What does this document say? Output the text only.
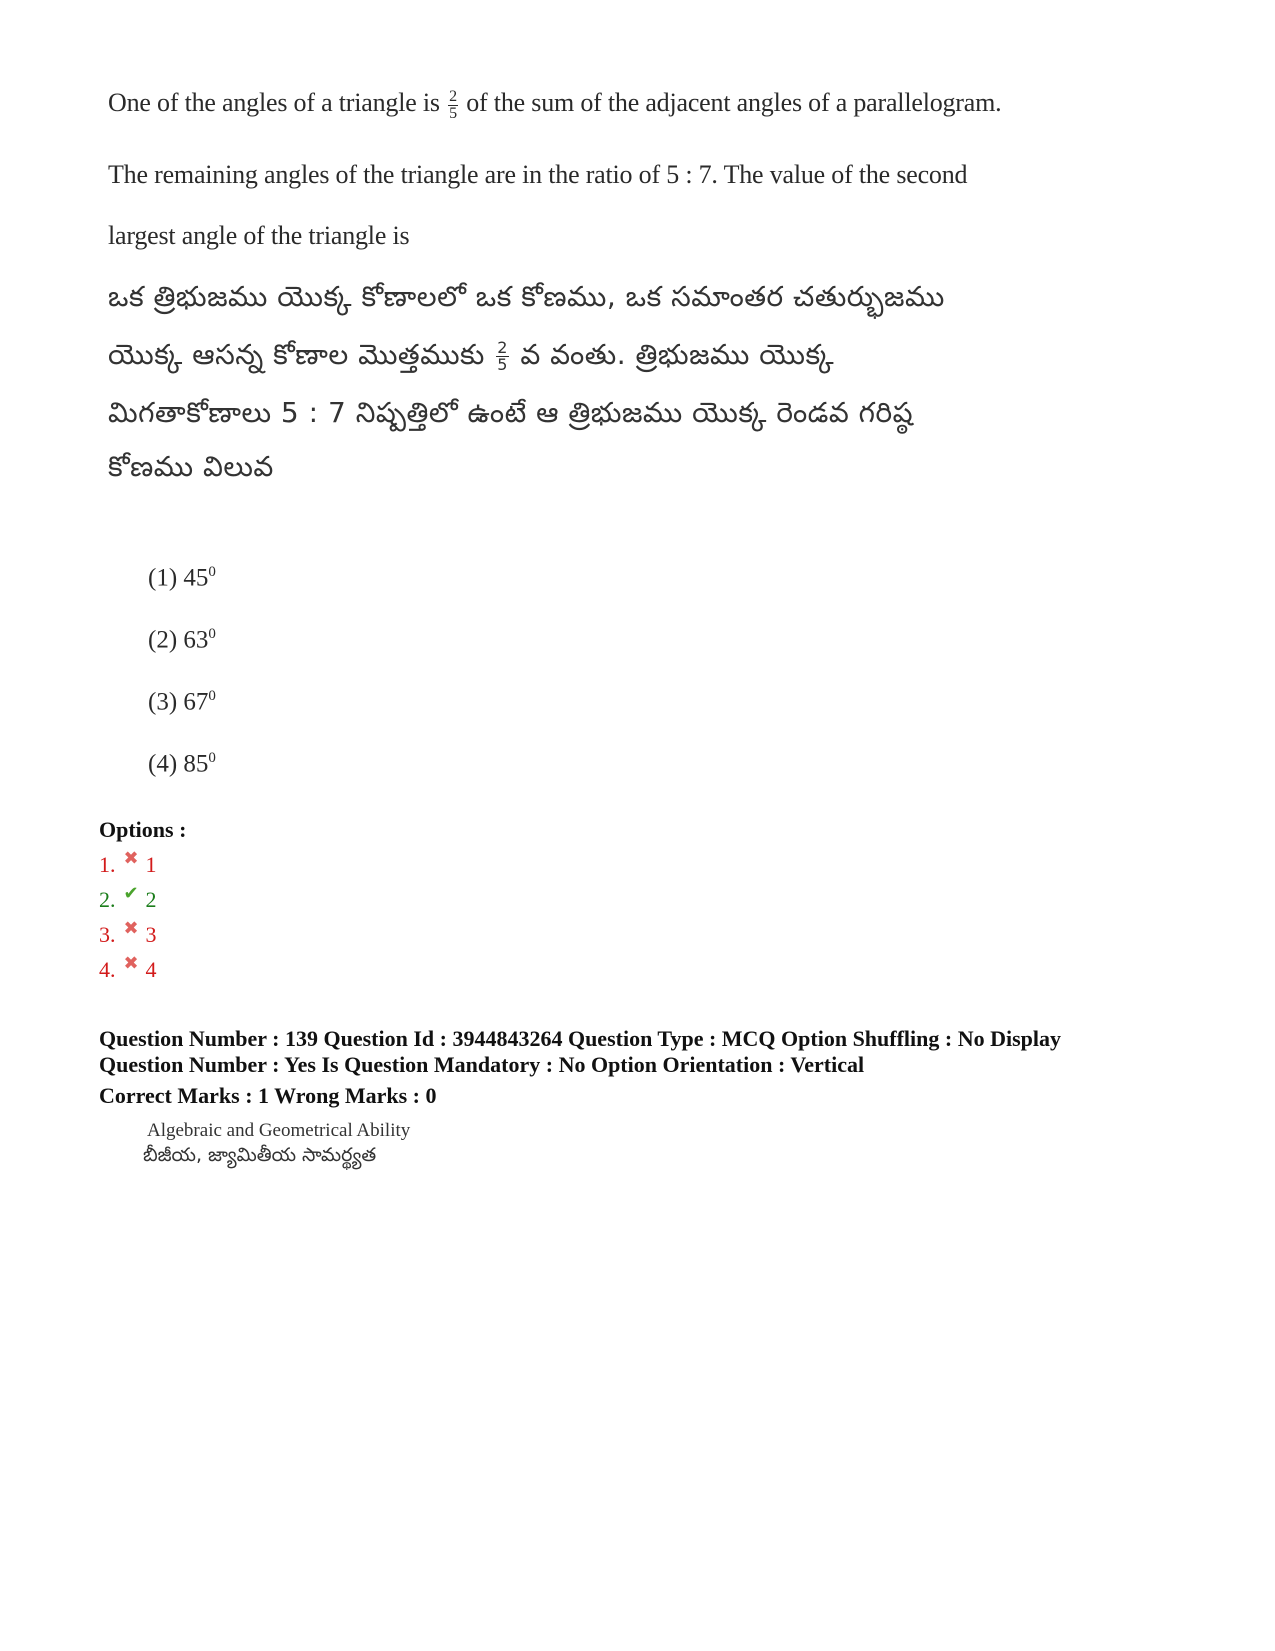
One of the angles of a triangle is $\frac{2}{5}$ of the sum of the adjacent angles of a parallelogram.
The remaining angles of the triangle are in the ratio of 5 : 7. The value of the second
largest angle of the triangle is
ఒక త్రిభుజము యొక్క కోణాలలో ఒక కోణము, ఒక సమాంతర చతుర్భుజము
యొక్క ఆసన్న కోణాల మొత్తముకు $\frac{2}{5}$ వ వంతు. త్రిభుజము యొక్క
మిగతాకోణాలు 5 : 7 నిష్పత్తిలో ఉంటే ఆ త్రిభుజము యొక్క రెండవ గరిష్ఠ
కోణము విలువ
(1) $45^0$
(2) $63^0$
(3) $67^0$
(4) $85^0$
Options :
1. ✖ 1
2. ✔ 2
3. ✖ 3
4. ✖ 4
Question Number : 139 Question Id : 3944843264 Question Type : MCQ Option Shuffling : No Display
Question Number : Yes Is Question Mandatory : No Option Orientation : Vertical
Correct Marks : 1 Wrong Marks : 0
Algebraic and Geometrical Ability
బీజీయ, జ్యామితీయ సామర్థ్యత
